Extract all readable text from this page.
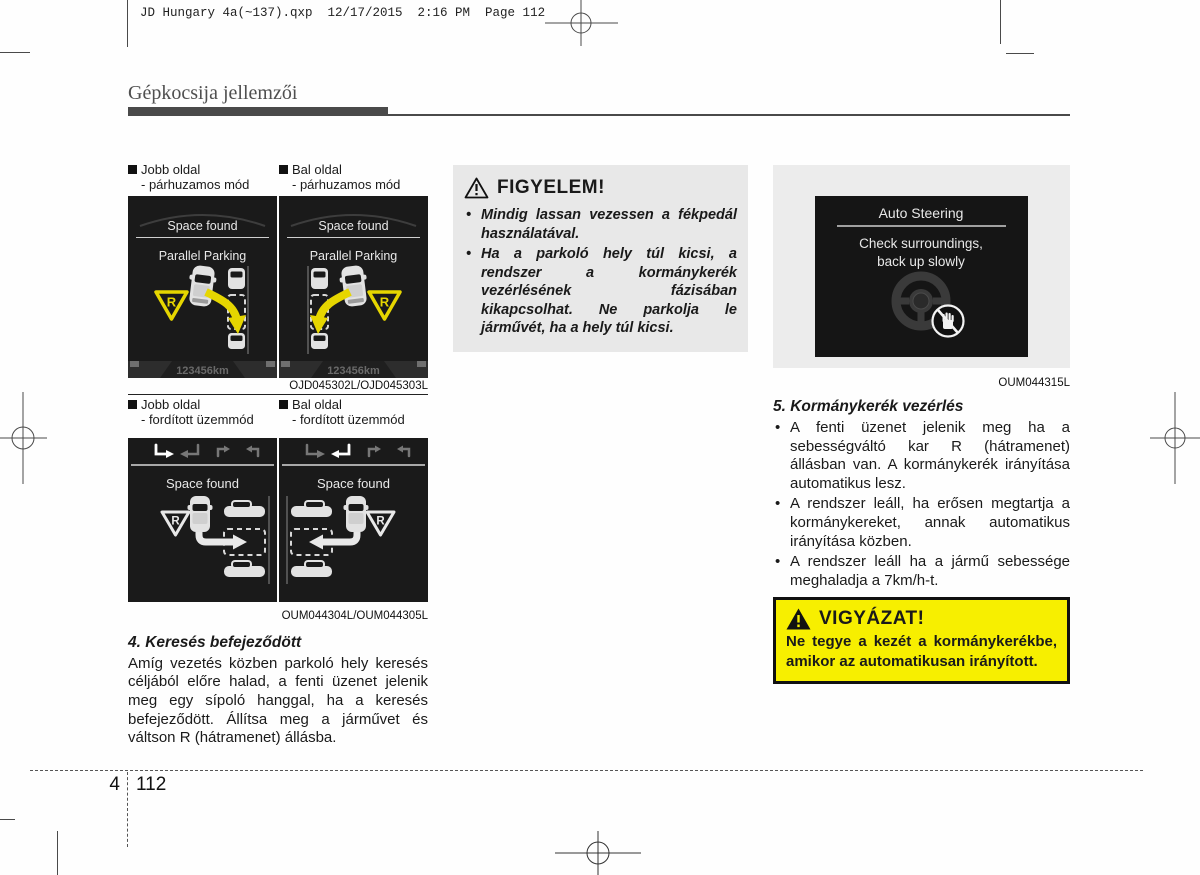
JD Hungary 4a(~137).qxp  12/17/2015  2:16 PM  Page 112
Gépkocsija jellemzői
Jobb oldal
- párhuzamos mód
Bal oldal
- párhuzamos mód
Space found
Parallel Parking
R
123456km
Space found
Parallel Parking
R
123456km
OJD045302L/OJD045303L
Jobb oldal
- fordított üzemmód
Bal oldal
- fordított üzemmód
Space found
R
Space found
R
OUM044304L/OUM044305L
4. Keresés befejeződött
Amíg vezetés közben parkoló hely keresés céljából előre halad, a fenti üzenet jelenik meg egy sípoló hanggal, ha a keresés befejeződött. Állítsa meg a járművet és váltson R (hátramenet) állásba.
FIGYELEM!
• Mindig lassan vezessen a fékpedál használatával.
• Ha a parkoló hely túl kicsi, a rendszer a kormánykerék vezérlésének fázisában kikapcsolhat. Ne parkolja le járművét, ha a hely túl kicsi.
Auto Steering
Check surroundings,
back up slowly
OUM044315L
5. Kormánykerék vezérlés
• A fenti üzenet jelenik meg ha a sebességváltó kar R (hátramenet) állásban van. A kormánykerék irányítása automatikus lesz.
• A rendszer leáll, ha erősen megtartja a kormánykereket, annak automatikus irányítása közben.
• A rendszer leáll ha a jármű sebessége meghaladja a 7km/h-t.
VIGYÁZAT!
Ne tegye a kezét a kormánykerékbe, amikor az automatikusan irányított.
4 112
